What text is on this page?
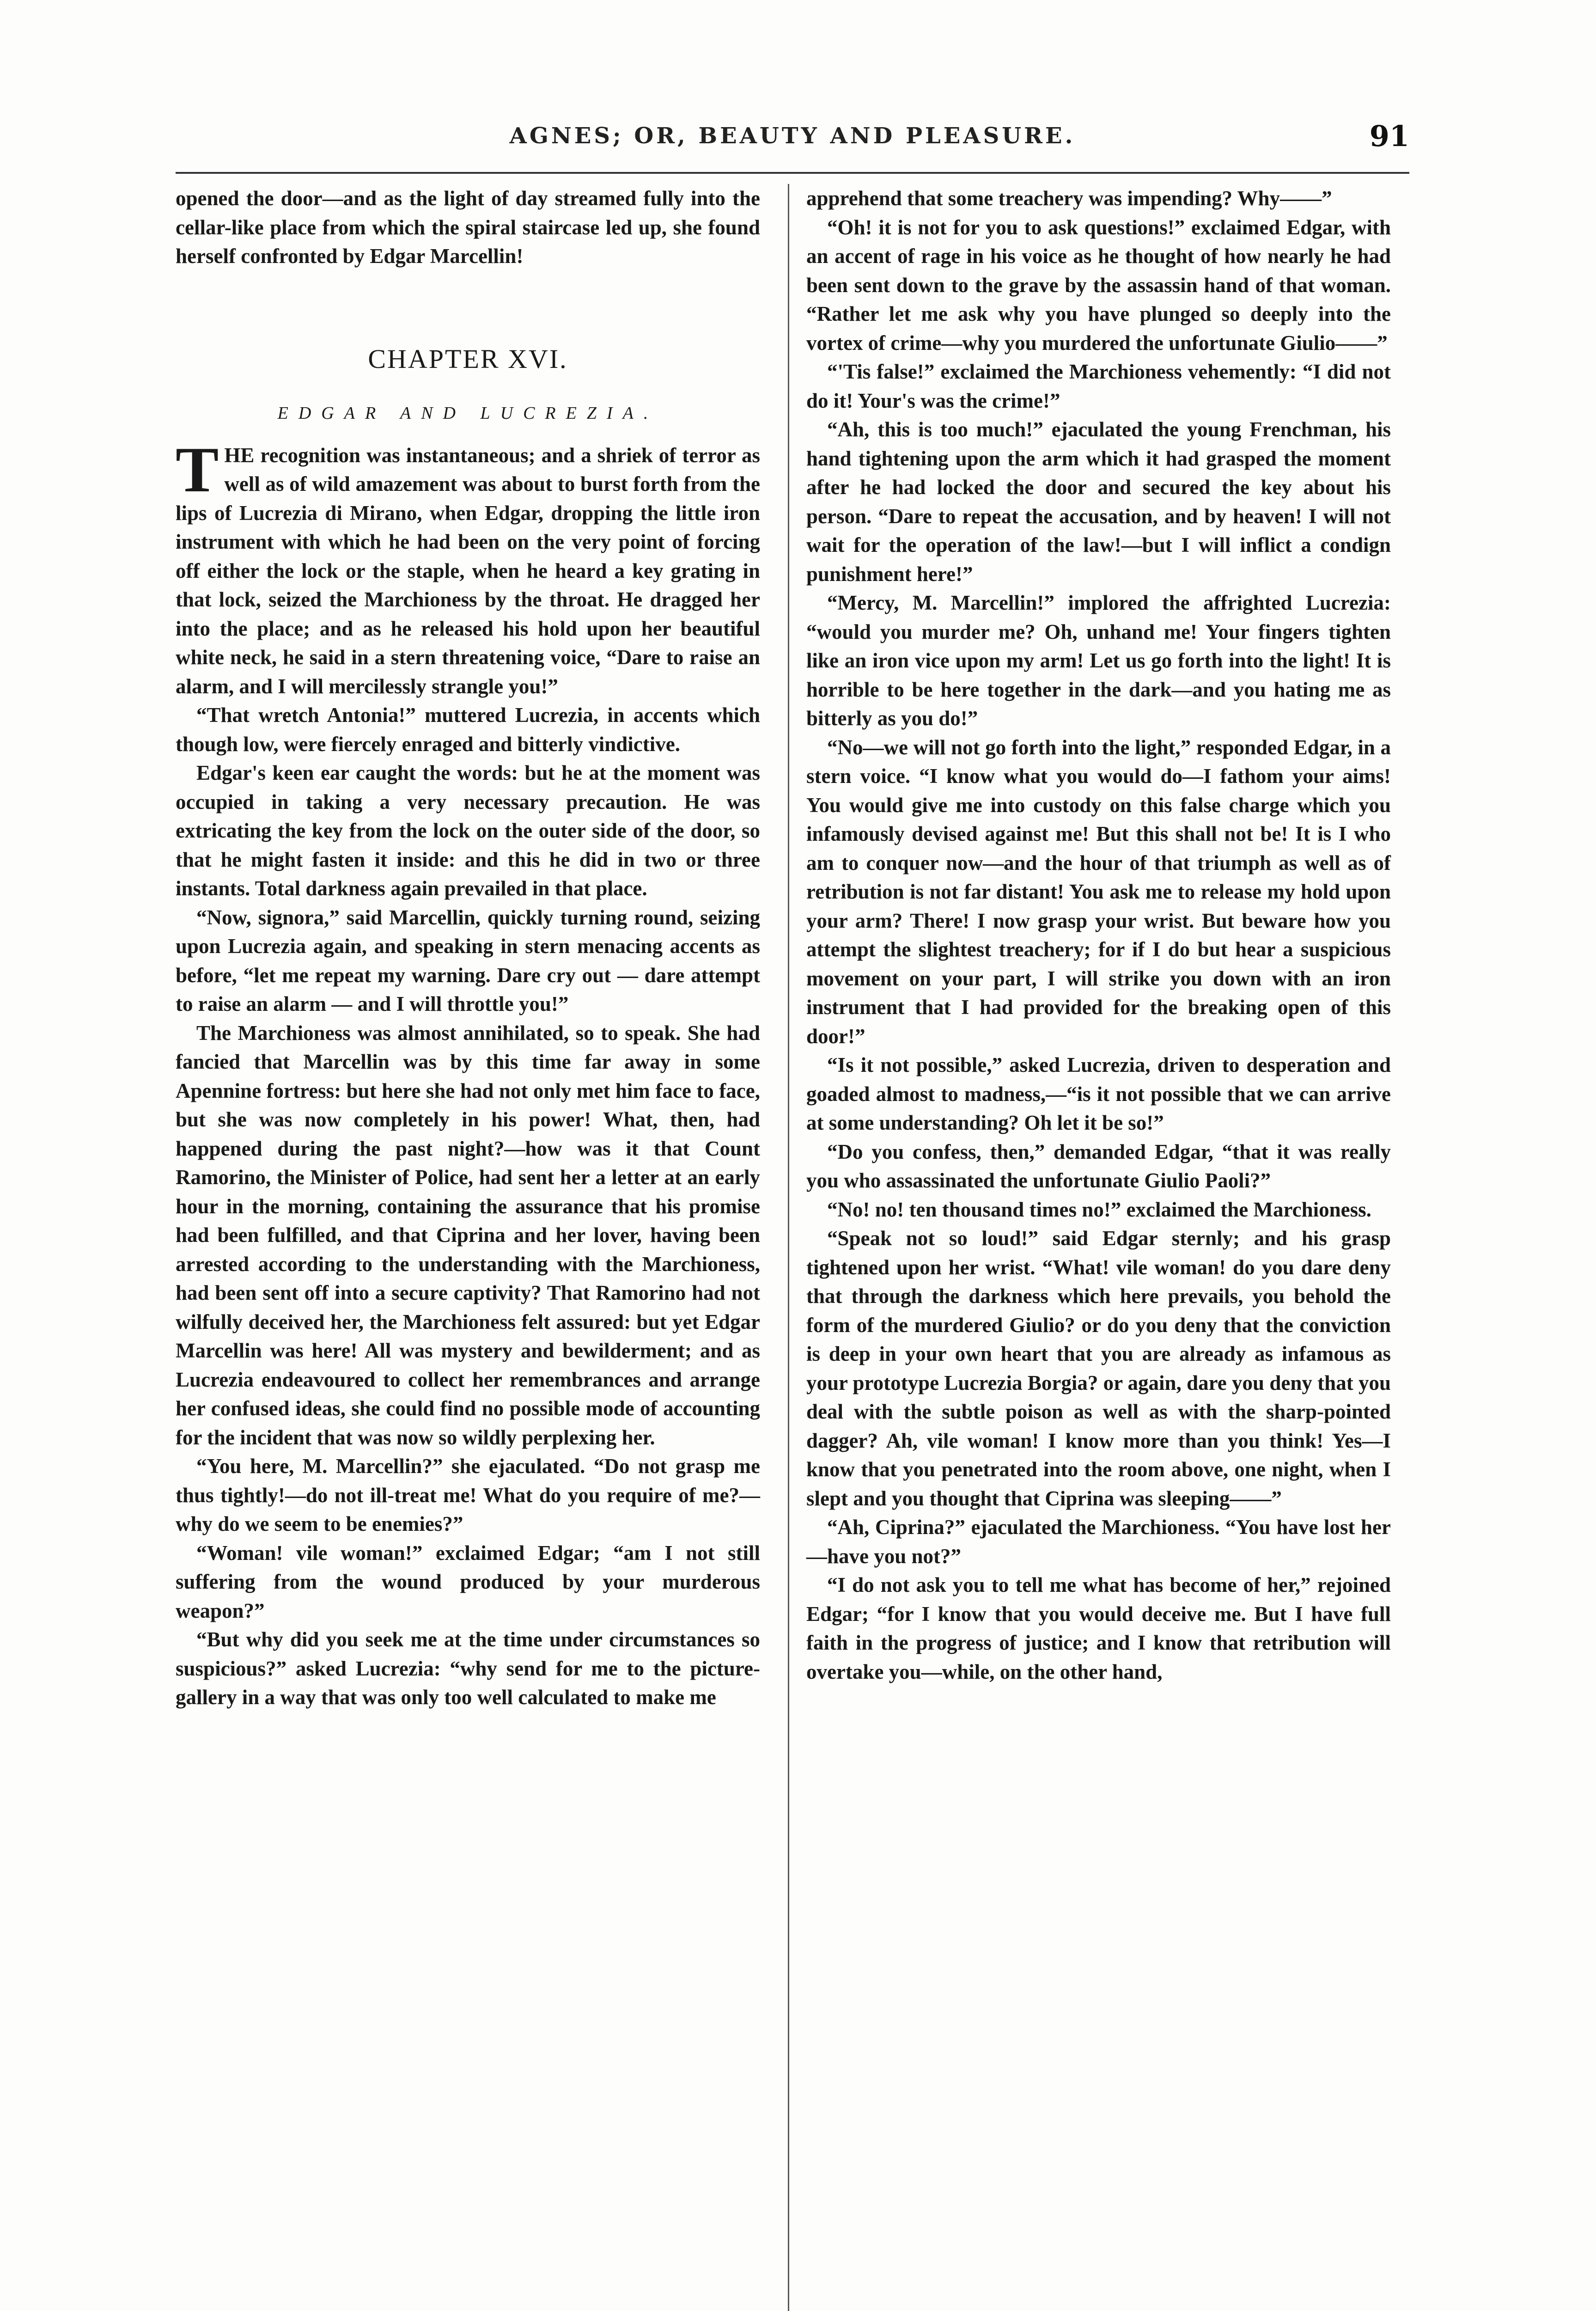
AGNES; OR, BEAUTY AND PLEASURE.	91

opened the door—and as the light of day streamed fully into the cellar-like place from which the spiral staircase led up, she found herself confronted by Edgar Marcellin!

CHAPTER XVI.
EDGAR AND LUCREZIA.

THE recognition was instantaneous; and a shriek of terror as well as of wild amazement was about to burst forth from the lips of Lucrezia di Mirano, when Edgar, dropping the little iron instrument with which he had been on the very point of forcing off either the lock or the staple, when he heard a key grating in that lock, seized the Marchioness by the throat. He dragged her into the place; and as he released his hold upon her beautiful white neck, he said in a stern threatening voice, “Dare to raise an alarm, and I will mercilessly strangle you!”

“That wretch Antonia!” muttered Lucrezia, in accents which though low, were fiercely enraged and bitterly vindictive.

Edgar's keen ear caught the words: but he at the moment was occupied in taking a very necessary precaution. He was extricating the key from the lock on the outer side of the door, so that he might fasten it inside: and this he did in two or three instants. Total darkness again prevailed in that place.

“Now, signora,” said Marcellin, quickly turning round, seizing upon Lucrezia again, and speaking in stern menacing accents as before, “let me repeat my warning. Dare cry out — dare attempt to raise an alarm — and I will throttle you!”

The Marchioness was almost annihilated, so to speak. She had fancied that Marcellin was by this time far away in some Apennine fortress: but here she had not only met him face to face, but she was now completely in his power! What, then, had happened during the past night?—how was it that Count Ramorino, the Minister of Police, had sent her a letter at an early hour in the morning, containing the assurance that his promise had been fulfilled, and that Ciprina and her lover, having been arrested according to the understanding with the Marchioness, had been sent off into a secure captivity? That Ramorino had not wilfully deceived her, the Marchioness felt assured: but yet Edgar Marcellin was here! All was mystery and bewilderment; and as Lucrezia endeavoured to collect her remembrances and arrange her confused ideas, she could find no possible mode of accounting for the incident that was now so wildly perplexing her.

“You here, M. Marcellin?” she ejaculated. “Do not grasp me thus tightly!—do not ill-treat me! What do you require of me?—why do we seem to be enemies?”

“Woman! vile woman!” exclaimed Edgar; “am I not still suffering from the wound produced by your murderous weapon?”

“But why did you seek me at the time under circumstances so suspicious?” asked Lucrezia: “why send for me to the picture-gallery in a way that was only too well calculated to make me

apprehend that some treachery was impending? Why——”

“Oh! it is not for you to ask questions!” exclaimed Edgar, with an accent of rage in his voice as he thought of how nearly he had been sent down to the grave by the assassin hand of that woman. “Rather let me ask why you have plunged so deeply into the vortex of crime—why you murdered the unfortunate Giulio——”

“'Tis false!” exclaimed the Marchioness vehemently: “I did not do it! Your's was the crime!”

“Ah, this is too much!” ejaculated the young Frenchman, his hand tightening upon the arm which it had grasped the moment after he had locked the door and secured the key about his person. “Dare to repeat the accusation, and by heaven! I will not wait for the operation of the law!—but I will inflict a condign punishment here!”

“Mercy, M. Marcellin!” implored the affrighted Lucrezia: “would you murder me? Oh, unhand me! Your fingers tighten like an iron vice upon my arm! Let us go forth into the light! It is horrible to be here together in the dark—and you hating me as bitterly as you do!”

“No—we will not go forth into the light,” responded Edgar, in a stern voice. “I know what you would do—I fathom your aims! You would give me into custody on this false charge which you infamously devised against me! But this shall not be! It is I who am to conquer now—and the hour of that triumph as well as of retribution is not far distant! You ask me to release my hold upon your arm? There! I now grasp your wrist. But beware how you attempt the slightest treachery; for if I do but hear a suspicious movement on your part, I will strike you down with an iron instrument that I had provided for the breaking open of this door!”

“Is it not possible,” asked Lucrezia, driven to desperation and goaded almost to madness,—“is it not possible that we can arrive at some understanding? Oh let it be so!”

“Do you confess, then,” demanded Edgar, “that it was really you who assassinated the unfortunate Giulio Paoli?”

“No! no! ten thousand times no!” exclaimed the Marchioness.

“Speak not so loud!” said Edgar sternly; and his grasp tightened upon her wrist. “What! vile woman! do you dare deny that through the darkness which here prevails, you behold the form of the murdered Giulio? or do you deny that the conviction is deep in your own heart that you are already as infamous as your prototype Lucrezia Borgia? or again, dare you deny that you deal with the subtle poison as well as with the sharp-pointed dagger? Ah, vile woman! I know more than you think! Yes—I know that you penetrated into the room above, one night, when I slept and you thought that Ciprina was sleeping——”

“Ah, Ciprina?” ejaculated the Marchioness. “You have lost her—have you not?”

“I do not ask you to tell me what has become of her,” rejoined Edgar; “for I know that you would deceive me. But I have full faith in the progress of justice; and I know that retribution will overtake you—while, on the other hand,
